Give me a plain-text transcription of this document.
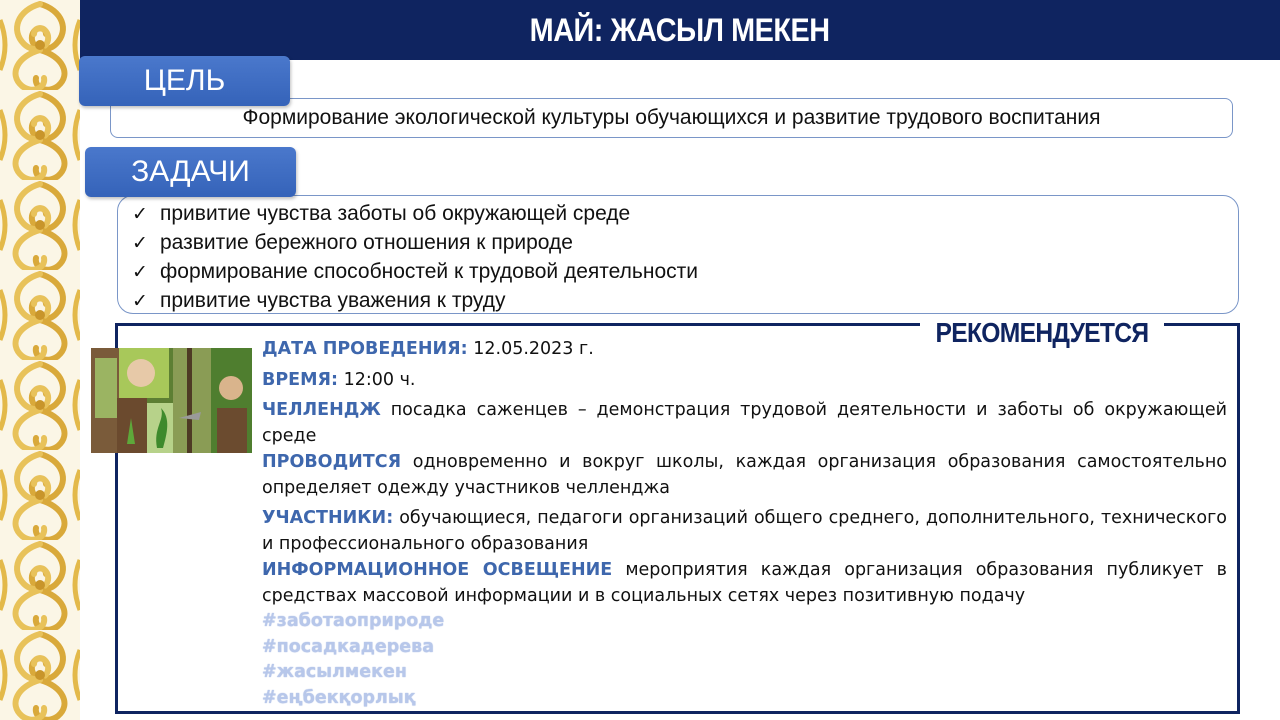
МАЙ: ЖАСЫЛ МЕКЕН
Формирование экологической культуры обучающихся и развитие трудового воспитания
ЦЕЛЬ
✓ привитие чувства заботы об окружающей среде
✓ развитие бережного отношения к природе
✓ формирование способностей к трудовой деятельности
✓ привитие чувства уважения к труду
ЗАДАЧИ
РЕКОМЕНДУЕТСЯ
ДАТА ПРОВЕДЕНИЯ: 12.05.2023 г.
ВРЕМЯ: 12:00 ч.
ЧЕЛЛЕНДЖ посадка саженцев – демонстрация трудовой деятельности и заботы об окружающей среде
ПРОВОДИТСЯ одновременно и вокруг школы, каждая организация образования самостоятельно определяет одежду участников челленджа
УЧАСТНИКИ: обучающиеся, педагоги организаций общего среднего, дополнительного, технического и профессионального образования
ИНФОРМАЦИОННОЕ ОСВЕЩЕНИЕ мероприятия каждая организация образования публикует в средствах массовой информации и в социальных сетях через позитивную подачу
#заботаоприроде
#посадкадерева
#жасылмекен
#еңбекқорлық
